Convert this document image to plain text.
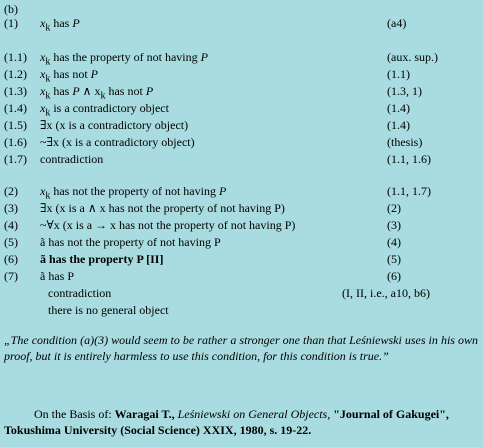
(b)
(1) $x_k$ has P	(a4)
(1.1) $x_k$ has the property of not having P	(aux. sup.)
(1.2) $x_k$ has not P	(1.1)
(1.3) $x_k$ has P ∧ $x_k$ has not P	(1.3, 1)
(1.4) $x_k$ is a contradictory object	(1.4)
(1.5) ∃x (x is a contradictory object)	(1.4)
(1.6) ~∃x (x is a contradictory object)	(thesis)
(1.7) contradiction	(1.1, 1.6)
(2) $x_k$ has not the property of not having P	(1.1, 1.7)
(3) ∃x (x is a ∧ x has not the property of not having P)	(2)
(4) ~∀x (x is a → x has not the property of not having P)	(3)
(5) ã has not the property of not having P	(4)
(6) ã has the property P [II]	(5)
(7) ã has P	(6)
contradiction	(I, II, i.e., a10, b6)
there is no general object
„The condition (a)(3) would seem to be rather a stronger one than that Leśniewski uses in his own proof, but it is entirely harmless to use this condition, for this condition is true.”
On the Basis of: Waragai T., Leśniewski on General Objects, "Journal of Gakugei", Tokushima University (Social Science) XXIX, 1980, s. 19-22.
